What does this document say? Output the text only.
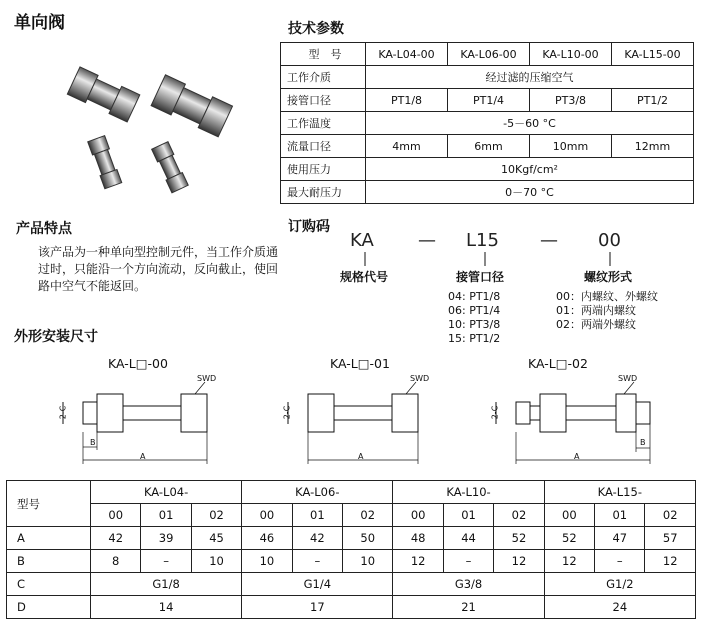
单向阀	技术参数
型　号	KA-L04-00	KA-L06-00	KA-L10-00	KA-L15-00
工作介质	经过滤的压缩空气			
接管口径	PT1/8	PT1/4	PT3/8	PT1/2
工作温度	-5－60 °C			
流量口径	4mm	6mm	10mm	12mm
使用压力	10Kgf/cm²			
最大耐压力	0－70 °C			
产品特点
该产品为一种单向型控制元件，当工作介质通过时，只能沿一个方向流动，反向截止，使回路中空气不能返回。
订购码
KA — L15 — 00
规格代号	接管口径	螺纹形式
04: PT1/8
06: PT1/4
10: PT3/8
15: PT1/2
00：内螺纹、外螺纹
01：两端内螺纹
02：两端外螺纹
外形安装尺寸
KA-L□-00	KA-L□-01	KA-L□-02
SWD
2-C
B
A
SWD
2-C
A
SWD
2-C
B
A
型号	KA-L04-			KA-L06-			KA-L10-			KA-L15-		
	00	01	02	00	01	02	00	01	02	00	01	02
A	42	39	45	46	42	50	48	44	52	52	47	57
B	8	–	10	10	–	10	12	–	12	12	–	12
C	G1/8			G1/4			G3/8			G1/2		
D	14			17			21			24		
